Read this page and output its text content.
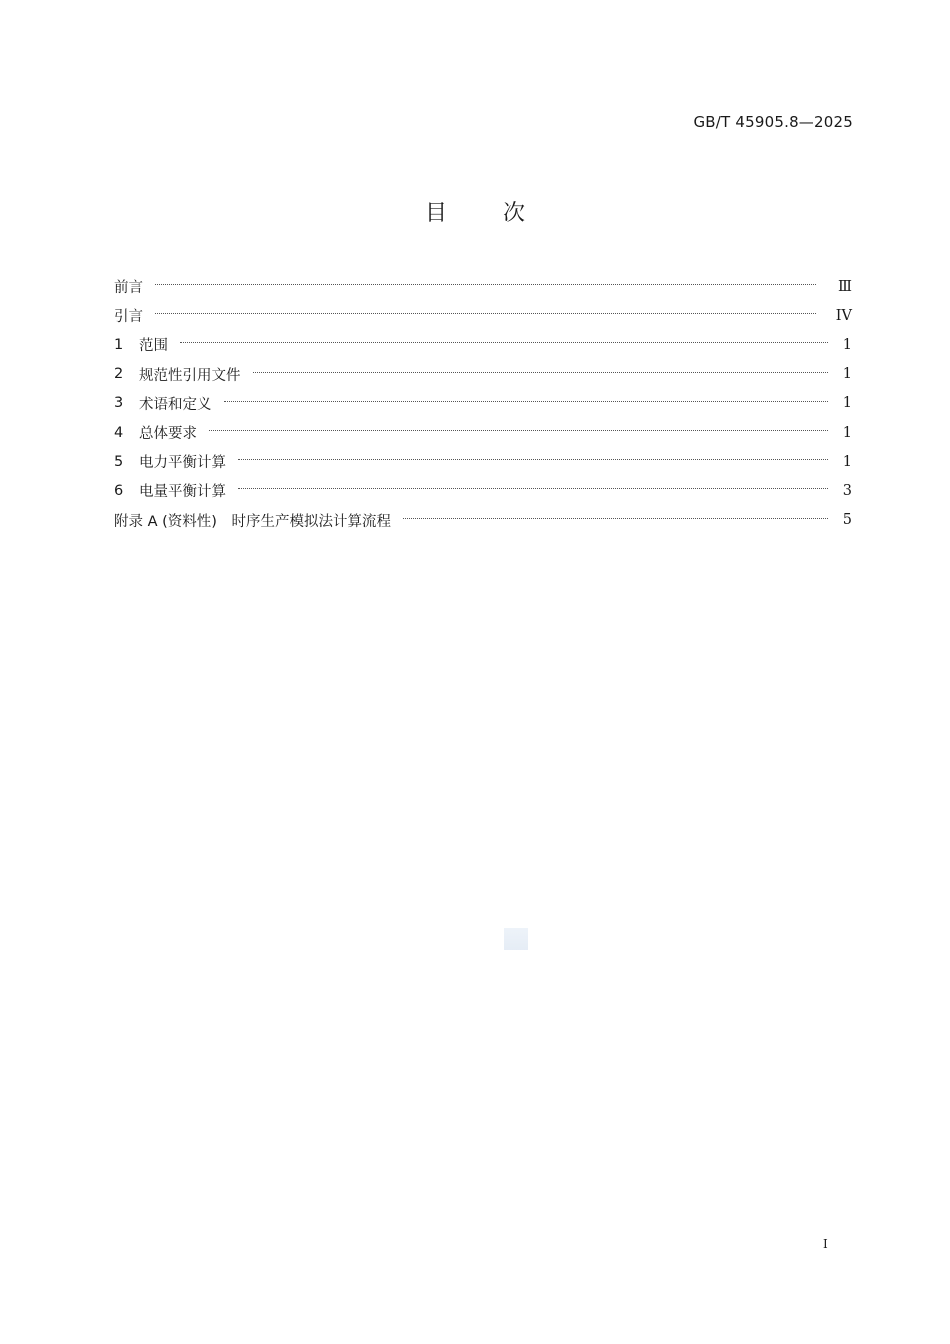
GB/T 45905.8—2025
目次
前言	Ⅲ
引言	IV
1	范围	1
2	规范性引用文件	1
3	术语和定义	1
4	总体要求	1
5	电力平衡计算	1
6	电量平衡计算	3
附录 A (资料性)　时序生产模拟法计算流程	5
I
